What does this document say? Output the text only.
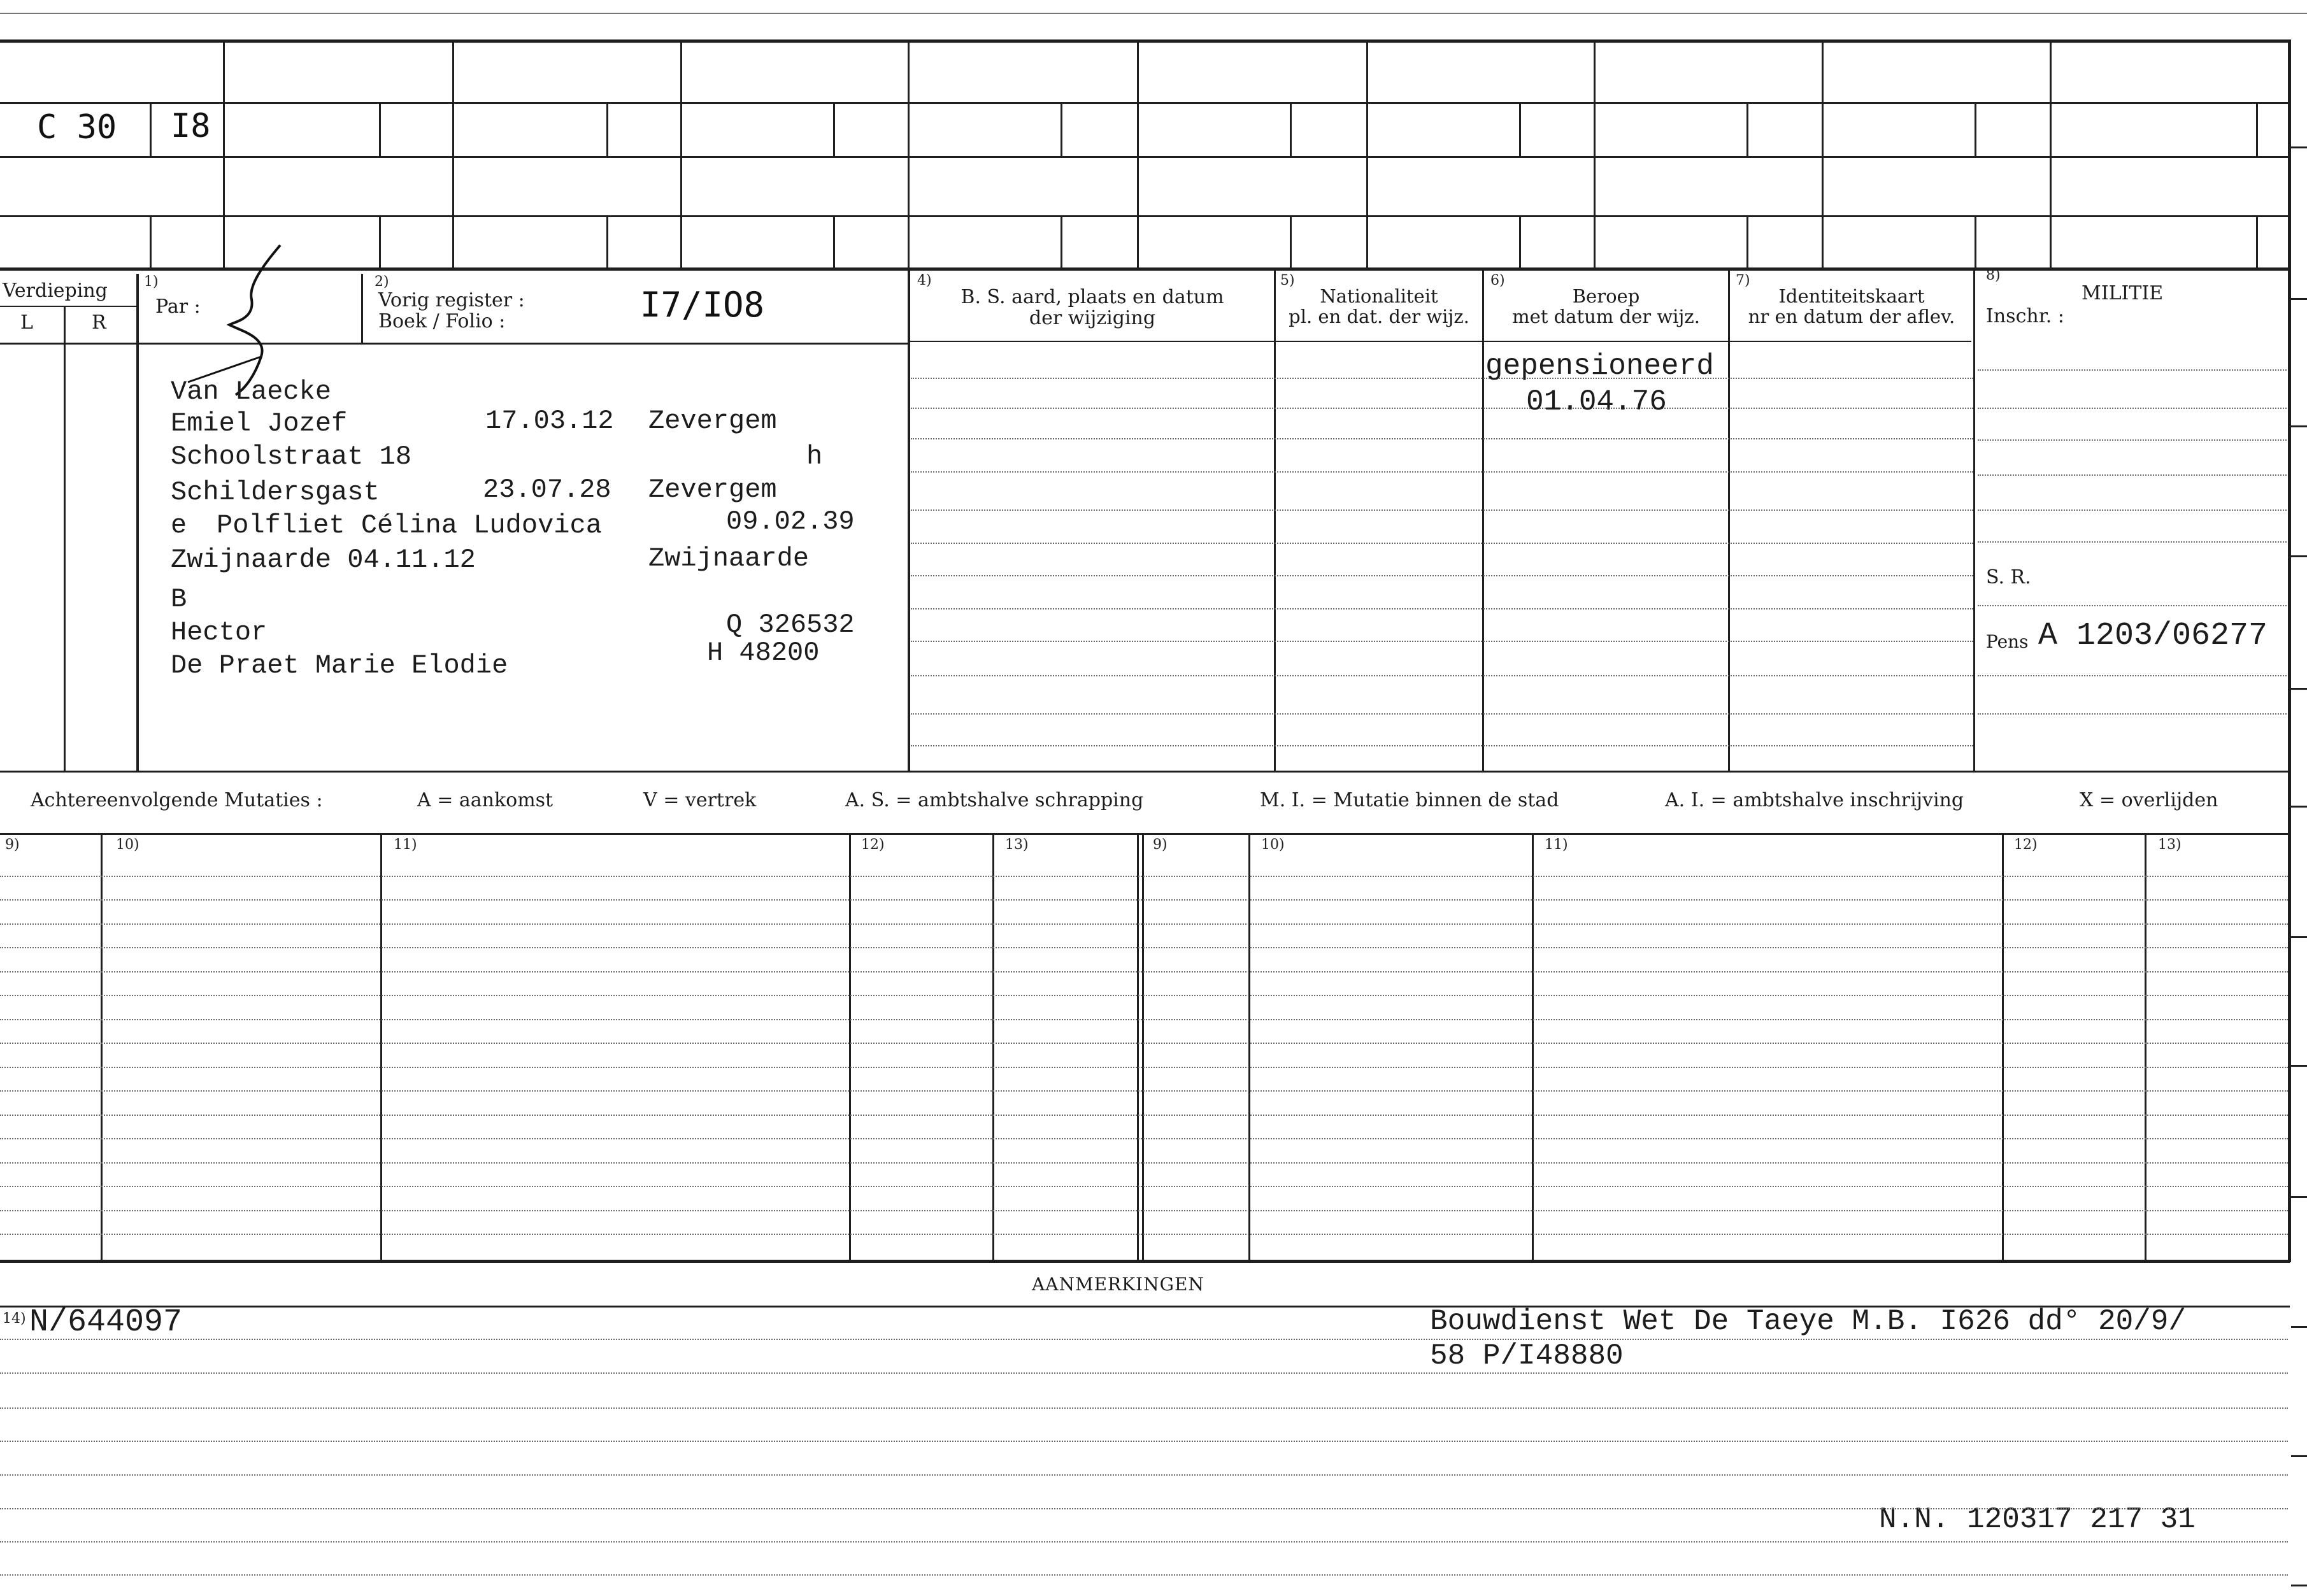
C 30 I8
Verdieping
L	R
1)
Par :
2)
Vorig register :
Boek / Folio :	I7/IO8
4)
B. S. aard, plaats en datum
der wijziging
5)
Nationaliteit
pl. en dat. der wijz.
6)
Beroep
met datum der wijz.
7)
Identiteitskaart
nr en datum der aflev.
8)
MILITIE
Inschr. :
S. R.
Pens A 1203/06277
gepensioneerd
01.04.76
Van Laecke
Emiel Jozef	17.03.12 Zevergem
Schoolstraat 18	h
Schildersgast	23.07.28 Zevergem
e Polfliet Célina Ludovica	09.02.39
Zwijnaarde 04.11.12	Zwijnaarde
B
Hector	Q 326532
De Praet Marie Elodie	H 48200
Achtereenvolgende Mutaties :	A = aankomst	V = vertrek	A. S. = ambtshalve schrapping	M. I. = Mutatie binnen de stad	A. I. = ambtshalve inschrijving	X = overlijden
9)	10)	11)	12)	13)	9)	10)	11)	12)	13)
AANMERKINGEN
14) N/644097	Bouwdienst Wet De Taeye M.B. I626 dd° 20/9/
58 P/I48880
N.N. 120317 217 31
